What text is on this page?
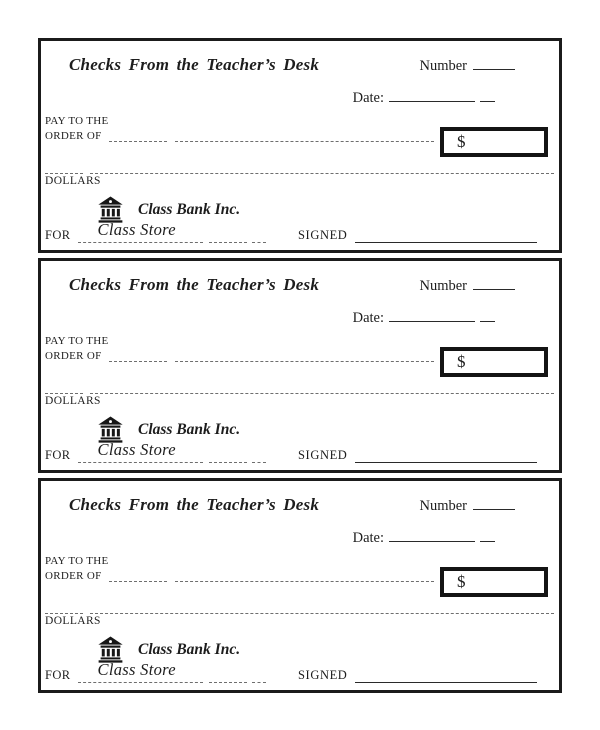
Checks From the Teacher’s Desk	Number
Date:
PAY TO THE
ORDER OF	$
DOLLARS
Class Bank Inc.
FOR Class Store	SIGNED
Checks From the Teacher’s Desk	Number
Date:
PAY TO THE
ORDER OF	$
DOLLARS
Class Bank Inc.
FOR Class Store	SIGNED
Checks From the Teacher’s Desk	Number
Date:
PAY TO THE
ORDER OF	$
DOLLARS
Class Bank Inc.
FOR Class Store	SIGNED
